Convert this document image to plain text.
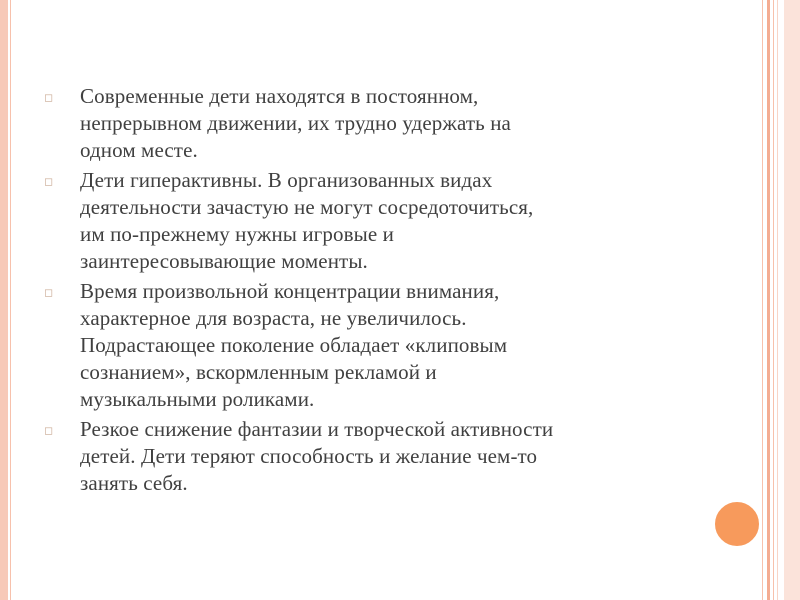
◻	Современные дети находятся в постоянном,
непрерывном движении, их трудно удержать на
одном месте.
◻	Дети гиперактивны. В организованных видах
деятельности зачастую не могут сосредоточиться,
им по-прежнему нужны игровые и
заинтересовывающие моменты.
◻	Время произвольной концентрации внимания,
характерное для возраста, не увеличилось.
Подрастающее поколение обладает «клиповым
сознанием», вскормленным рекламой и
музыкальными роликами.
◻	Резкое снижение фантазии и творческой активности
детей. Дети теряют способность и желание чем-то
занять себя.
